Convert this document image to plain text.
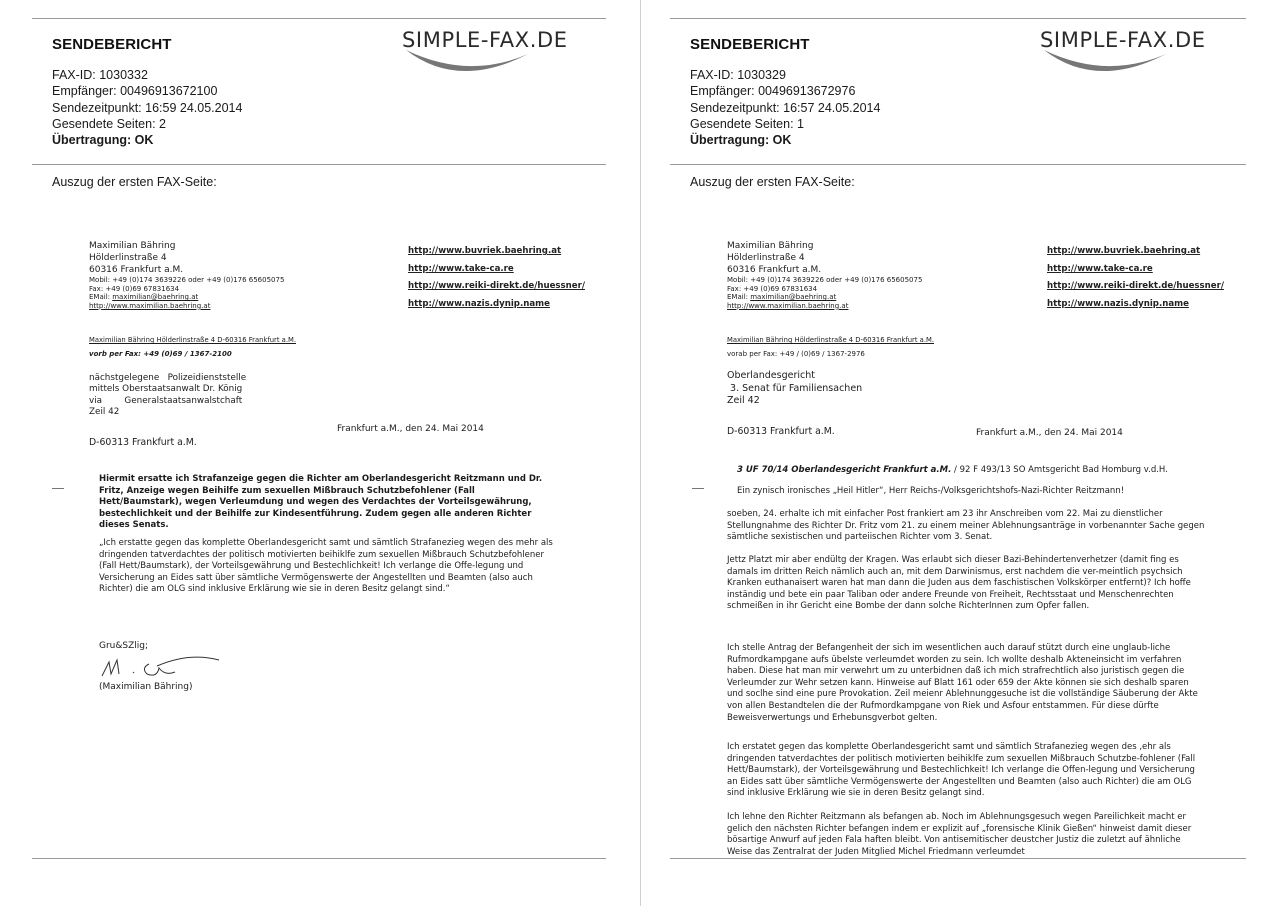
SENDEBERICHT	SIMPLE-FAX.DE
FAX-ID: 1030332
Empfänger: 00496913672100
Sendezeitpunkt: 16:59 24.05.2014
Gesendete Seiten: 2
Übertragung: OK
Auszug der ersten FAX-Seite:
Maximilian Bähring
Hölderlinstraße 4
60316 Frankfurt a.M.
Mobil: +49 (0)174 3639226 oder +49 (0)176 65605075
Fax: +49 (0)69 67831634
EMail: maximilian@baehring.at
http://www.maximilian.baehring.at
http://www.buvriek.baehring.at
http://www.take-ca.re
http://www.reiki-direkt.de/huessner/
http://www.nazis.dynip.name
Maximilian Bähring Hölderlinstraße 4 D-60316 Frankfurt a.M.
vorb per Fax: +49 (0)69 / 1367-2100
nächstgelegene   Polizeidienststelle
mittels Oberstaatsanwalt Dr. König
via        Generalstaatsanwalstchaft
Zeil 42
Frankfurt a.M., den 24. Mai 2014
D-60313 Frankfurt a.M.
Hiermit ersatte ich Strafanzeige gegen die Richter am Oberlandesgericht Reitzmann und Dr. Fritz, Anzeige wegen Beihilfe zum sexuellen Mißbrauch Schutzbefohlener (Fall Hett/Baumstark), wegen Verleumdung und wegen des Verdachtes der Vorteilsgewährung, bestechlichkeit und der Beihilfe zur Kindesentführung. Zudem gegen alle anderen Richter dieses Senats.
„Ich erstatte gegen das komplette Oberlandesgericht samt und sämtlich Strafanezieg wegen des mehr als dringenden tatverdachtes der politisch motivierten beihiklfe zum sexuellen Mißbrauch Schutzbefohlener (Fall Hett/Baumstark), der Vorteilsgewährung und Bestechlichkeit! Ich verlange die Offe-legung und Versicherung an Eides satt über sämtliche Vermögenswerte der Angestellten und Beamten (also auch Richter) die am OLG sind inklusive Erklärung wie sie in deren Besitz gelangt sind.“
Gru&SZlig;
(Maximilian Bähring)
SENDEBERICHT	SIMPLE-FAX.DE
FAX-ID: 1030329
Empfänger: 00496913672976
Sendezeitpunkt: 16:57 24.05.2014
Gesendete Seiten: 1
Übertragung: OK
Auszug der ersten FAX-Seite:
Maximilian Bähring
Hölderlinstraße 4
60316 Frankfurt a.M.
Mobil: +49 (0)174 3639226 oder +49 (0)176 65605075
Fax: +49 (0)69 67831634
EMail: maximilian@baehring.at
http://www.maximilian.baehring.at
http://www.buvriek.baehring.at
http://www.take-ca.re
http://www.reiki-direkt.de/huessner/
http://www.nazis.dynip.name
Maximilian Bähring Hölderlinstraße 4 D-60316 Frankfurt a.M.
vorab per Fax: +49 / (0)69 / 1367-2976
Oberlandesgericht
3. Senat für Familiensachen
Zeil 42
D-60313 Frankfurt a.M.	Frankfurt a.M., den 24. Mai 2014
3 UF 70/14 Oberlandesgericht Frankfurt a.M. / 92 F 493/13 SO Amtsgericht Bad Homburg v.d.H.
Ein zynisch ironisches „Heil Hitler“, Herr Reichs-/Volksgerichtshofs-Nazi-Richter Reitzmann!
soeben, 24. erhalte ich mit einfacher Post frankiert am 23 ihr Anschreiben vom 22. Mai zu dienstlicher Stellungnahme des Richter Dr. Fritz vom 21. zu einem meiner Ablehnungsanträge in vorbenannter Sache gegen sämtliche sexistischen und parteiischen Richter vom 3. Senat.
Jettz Platzt mir aber endültg der Kragen. Was erlaubt sich dieser Bazi-Behindertenverhetzer (damit fing es damals im dritten Reich nämlich auch an, mit dem Darwinismus, erst nachdem die ver-meintlich psychsich Kranken euthanaisert waren hat man dann die Juden aus dem faschistischen Volkskörper entfernt)? Ich hoffe inständig und bete ein paar Taliban oder andere Freunde von Freiheit, Rechtsstaat und Menschenrechten schmeißen in ihr Gericht eine Bombe der dann solche RichterInnen zum Opfer fallen.
Ich stelle Antrag der Befangenheit der sich im wesentlichen auch darauf stützt durch eine unglaub-liche Rufmordkampgane aufs übelste verleumdet worden zu sein. Ich wollte deshalb Akteneinsicht im verfahren haben. Diese hat man mir verwehrt um zu unterbidnen daß ich mich strafrechtlich also juristisch gegen die Verleumder zur Wehr setzen kann. Hinweise auf Blatt 161 oder 659 der Akte können sie sich deshalb sparen und soclhe sind eine pure Provokation. Zeil meienr Ablehnunggesuche ist die vollständige Säuberung der Akte von allen Bestandtelen die der Rufmordkampgane von Riek und Asfour entstammen. Für diese dürfte Beweisverwertungs und Erhebunsgverbot gelten.
Ich erstatet gegen das komplette Oberlandesgericht samt und sämtlich Strafanezieg wegen des ,ehr als dringenden tatverdachtes der politisch motivierten beihiklfe zum sexuellen Mißbrauch Schutzbe-fohlener (Fall Hett/Baumstark), der Vorteilsgewährung und Bestechlichkeit! Ich verlange die Offen-legung und Versicherung an Eides satt über sämtliche Vermögenswerte der Angestellten und Beamten (also auch Richter) die am OLG sind inklusive Erklärung wie sie in deren Besitz gelangt sind.
Ich lehne den Richter Reitzmann als befangen ab. Noch im Ablehnungsgesuch wegen Pareilichkeit macht er gelich den nächsten Richter befangen indem er explizit auf „forensische Klinik Gießen“ hinweist damit dieser bösartige Anwurf auf jeden Fala haften bleibt. Von antisemitischer deustcher Justiz die zuletzt auf ähnliche Weise das Zentralrat der Juden Mitglied Michel Friedmann verleumdet
